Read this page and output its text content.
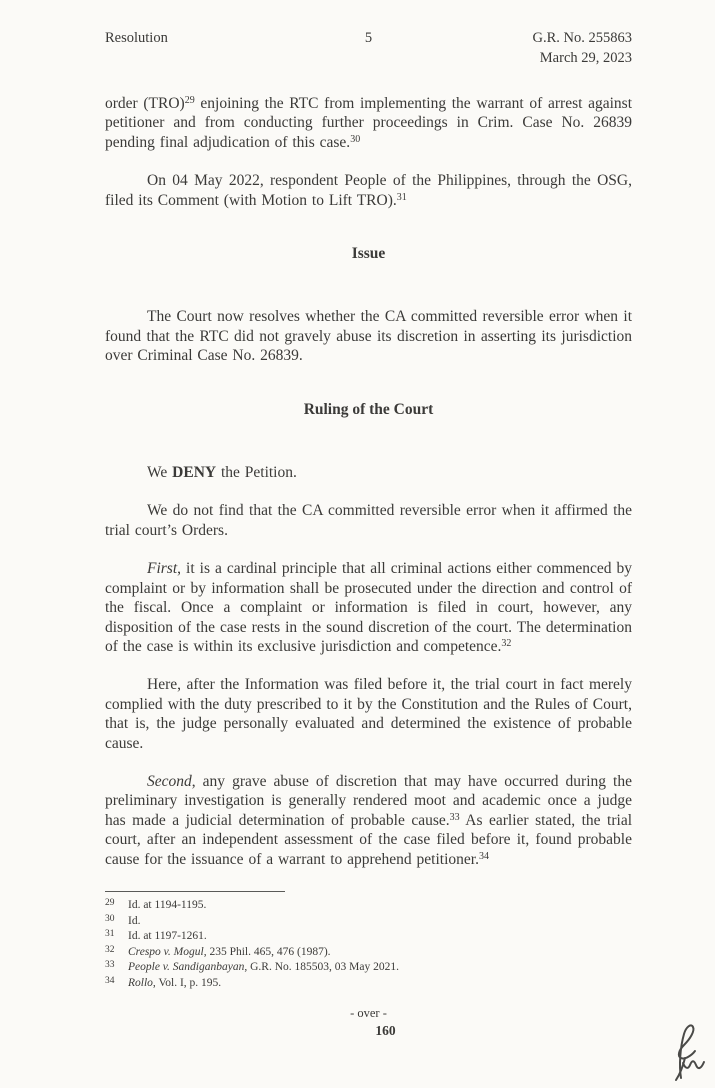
Resolution	5	G.R. No. 255863
March 29, 2023
order (TRO)$^{29}$ enjoining the RTC from implementing the warrant of arrest against petitioner and from conducting further proceedings in Crim. Case No. 26839 pending final adjudication of this case.$^{30}$
On 04 May 2022, respondent People of the Philippines, through the OSG, filed its Comment (with Motion to Lift TRO).$^{31}$
Issue
The Court now resolves whether the CA committed reversible error when it found that the RTC did not gravely abuse its discretion in asserting its jurisdiction over Criminal Case No. 26839.
Ruling of the Court
We DENY the Petition.
We do not find that the CA committed reversible error when it affirmed the trial court’s Orders.
First, it is a cardinal principle that all criminal actions either commenced by complaint or by information shall be prosecuted under the direction and control of the fiscal. Once a complaint or information is filed in court, however, any disposition of the case rests in the sound discretion of the court. The determination of the case is within its exclusive jurisdiction and competence.$^{32}$
Here, after the Information was filed before it, the trial court in fact merely complied with the duty prescribed to it by the Constitution and the Rules of Court, that is, the judge personally evaluated and determined the existence of probable cause.
Second, any grave abuse of discretion that may have occurred during the preliminary investigation is generally rendered moot and academic once a judge has made a judicial determination of probable cause.$^{33}$ As earlier stated, the trial court, after an independent assessment of the case filed before it, found probable cause for the issuance of a warrant to apprehend petitioner.$^{34}$
29	Id. at 1194-1195.
30	Id.
31	Id. at 1197-1261.
32	Crespo v. Mogul, 235 Phil. 465, 476 (1987).
33	People v. Sandiganbayan, G.R. No. 185503, 03 May 2021.
34	Rollo, Vol. I, p. 195.
- over -
160
